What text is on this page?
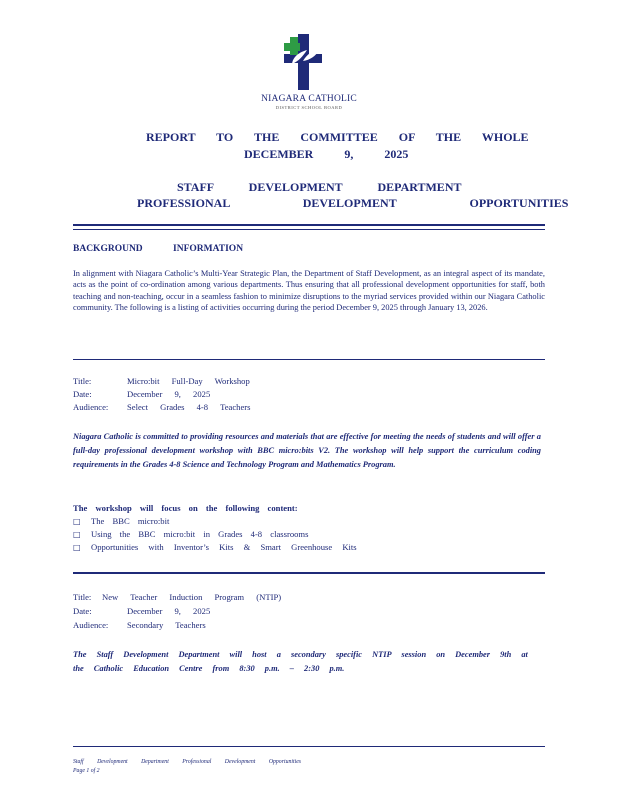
NIAGARA CATHOLIC
DISTRICT SCHOOL BOARD
REPORT TO THE COMMITTEE OF THE WHOLE
DECEMBER 9, 2025
STAFF DEVELOPMENT DEPARTMENT
PROFESSIONAL DEVELOPMENT OPPORTUNITIES
BACKGROUND INFORMATION
In alignment with Niagara Catholic’s Multi-Year Strategic Plan, the Department of Staff Development, as an integral aspect of its mandate, acts as the point of co-ordination among various departments. Thus ensuring that all professional development opportunities for staff, both teaching and non-teaching, occur in a seamless fashion to minimize disruptions to the myriad services provided within our Niagara Catholic community. The following is a listing of activities occurring during the period December 9, 2025 through January 13, 2026.
Title:	Micro:bit Full-Day Workshop
Date:	December 9, 2025
Audience: Select Grades 4-8 Teachers
Niagara Catholic is committed to providing resources and materials that are effective for meeting the needs of students and will offer a full-day professional development workshop with BBC micro:bits V2. The workshop will help support the curriculum coding requirements in the Grades 4-8 Science and Technology Program and Mathematics Program.
The workshop will focus on the following content:
□ The BBC micro:bit
□ Using the BBC micro:bit in Grades 4-8 classrooms
□ Opportunities with Inventor’s Kits & Smart Greenhouse Kits
Title: New Teacher Induction Program (NTIP)
Date:	December 9, 2025
Audience: Secondary Teachers
The Staff Development Department will host a secondary specific NTIP session on December 9th at the Catholic Education Centre from 8:30 p.m. – 2:30 p.m.
Staff Development Department Professional Development Opportunities
Page 1 of 2
